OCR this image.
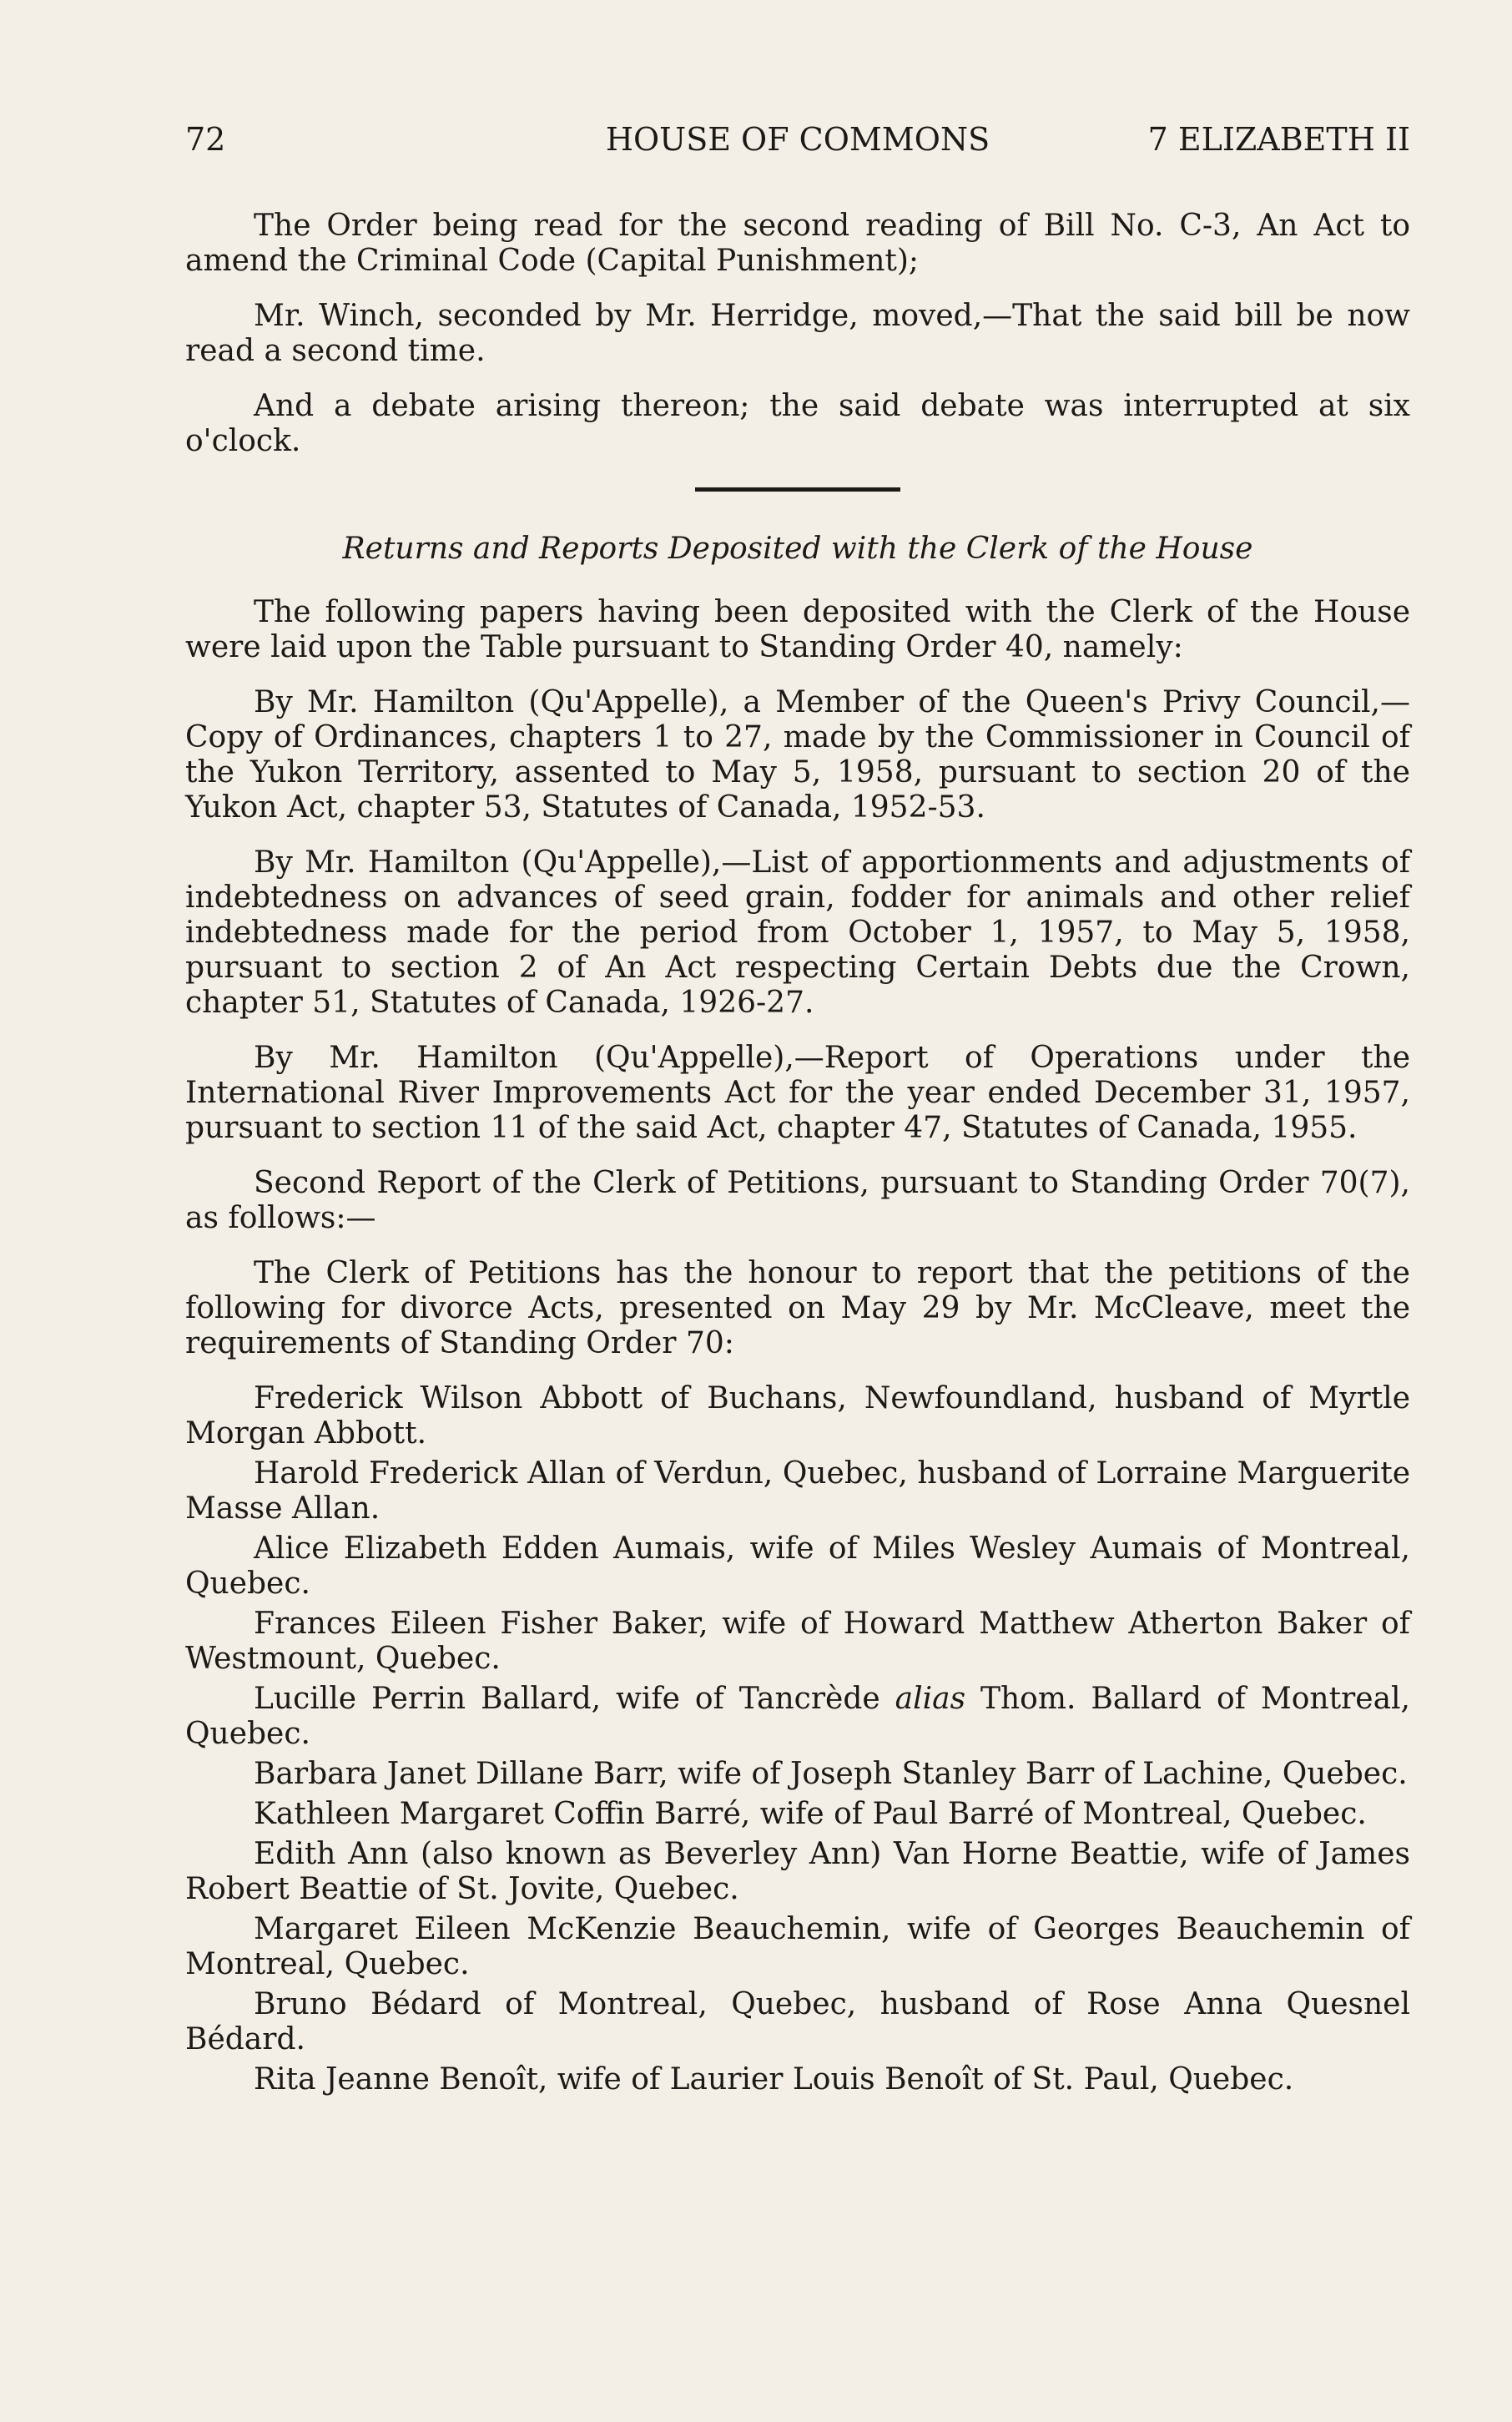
72	HOUSE OF COMMONS	7 ELIZABETH II

The Order being read for the second reading of Bill No. C-3, An Act to amend the Criminal Code (Capital Punishment);

Mr. Winch, seconded by Mr. Herridge, moved,—That the said bill be now read a second time.

And a debate arising thereon; the said debate was interrupted at six o'clock.

Returns and Reports Deposited with the Clerk of the House

The following papers having been deposited with the Clerk of the House were laid upon the Table pursuant to Standing Order 40, namely:

By Mr. Hamilton (Qu'Appelle), a Member of the Queen's Privy Council,—Copy of Ordinances, chapters 1 to 27, made by the Commissioner in Council of the Yukon Territory, assented to May 5, 1958, pursuant to section 20 of the Yukon Act, chapter 53, Statutes of Canada, 1952-53.

By Mr. Hamilton (Qu'Appelle),—List of apportionments and adjustments of indebtedness on advances of seed grain, fodder for animals and other relief indebtedness made for the period from October 1, 1957, to May 5, 1958, pursuant to section 2 of An Act respecting Certain Debts due the Crown, chapter 51, Statutes of Canada, 1926-27.

By Mr. Hamilton (Qu'Appelle),—Report of Operations under the International River Improvements Act for the year ended December 31, 1957, pursuant to section 11 of the said Act, chapter 47, Statutes of Canada, 1955.

Second Report of the Clerk of Petitions, pursuant to Standing Order 70(7), as follows:—

The Clerk of Petitions has the honour to report that the petitions of the following for divorce Acts, presented on May 29 by Mr. McCleave, meet the requirements of Standing Order 70:

Frederick Wilson Abbott of Buchans, Newfoundland, husband of Myrtle Morgan Abbott.

Harold Frederick Allan of Verdun, Quebec, husband of Lorraine Marguerite Masse Allan.

Alice Elizabeth Edden Aumais, wife of Miles Wesley Aumais of Montreal, Quebec.

Frances Eileen Fisher Baker, wife of Howard Matthew Atherton Baker of Westmount, Quebec.

Lucille Perrin Ballard, wife of Tancrède alias Thom. Ballard of Montreal, Quebec.

Barbara Janet Dillane Barr, wife of Joseph Stanley Barr of Lachine, Quebec.

Kathleen Margaret Coffin Barré, wife of Paul Barré of Montreal, Quebec.

Edith Ann (also known as Beverley Ann) Van Horne Beattie, wife of James Robert Beattie of St. Jovite, Quebec.

Margaret Eileen McKenzie Beauchemin, wife of Georges Beauchemin of Montreal, Quebec.

Bruno Bédard of Montreal, Quebec, husband of Rose Anna Quesnel Bédard.

Rita Jeanne Benoît, wife of Laurier Louis Benoît of St. Paul, Quebec.
